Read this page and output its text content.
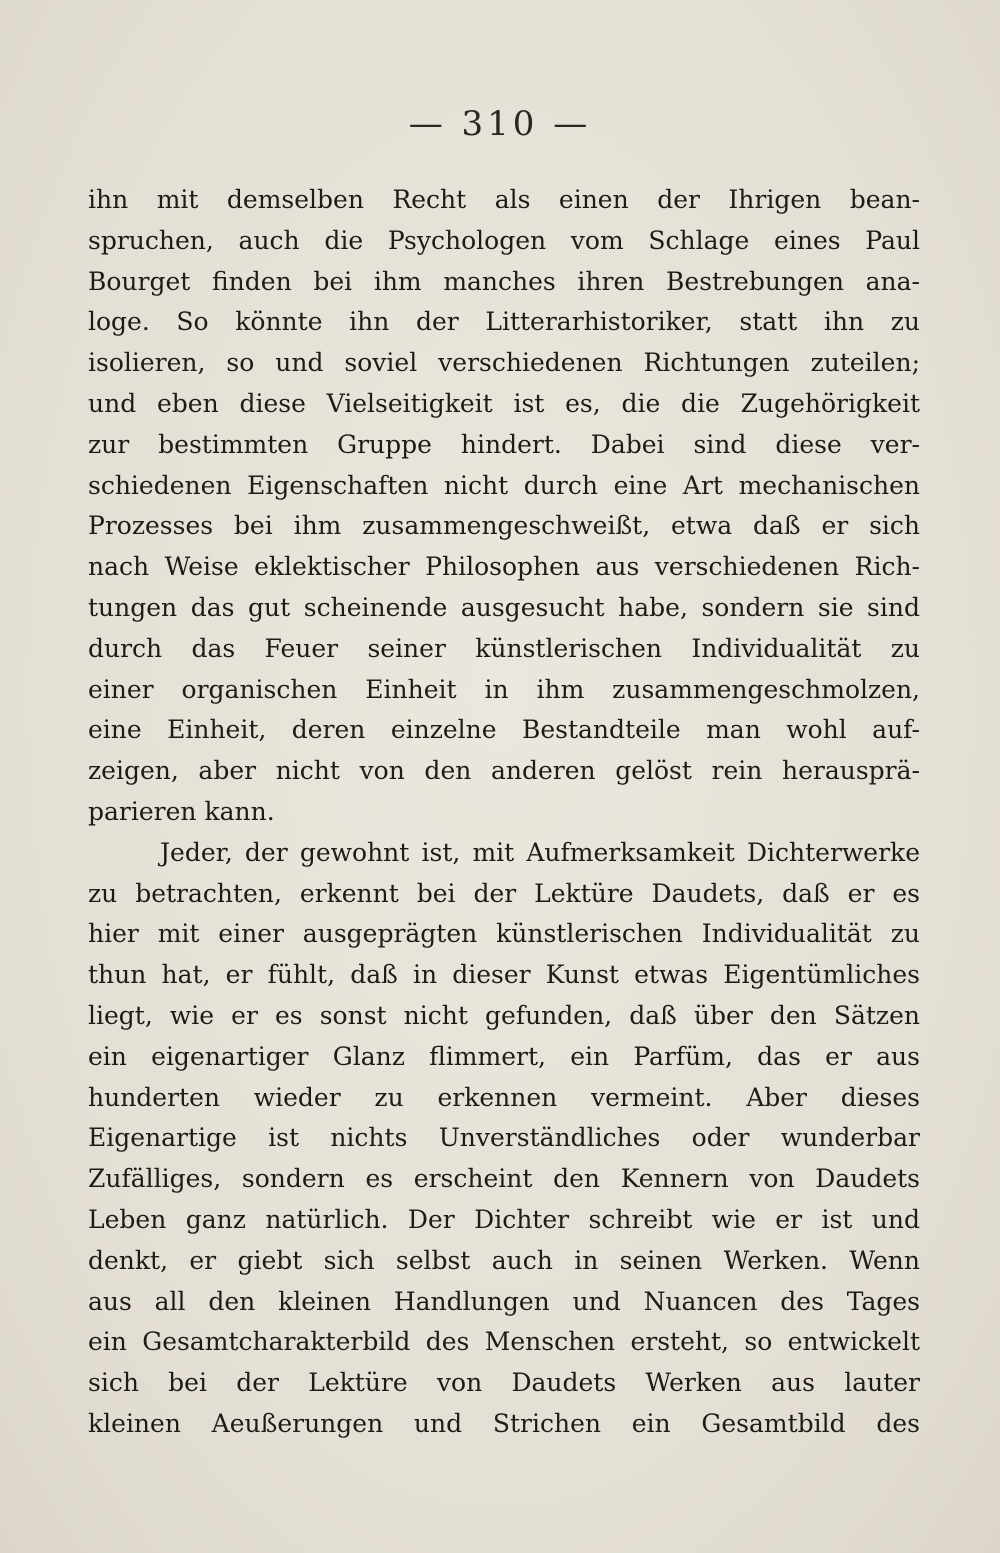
— 310 —
ihn mit demselben Recht als einen der Ihrigen bean-
spruchen, auch die Psychologen vom Schlage eines Paul
Bourget finden bei ihm manches ihren Bestrebungen ana-
loge. So könnte ihn der Litterarhistoriker, statt ihn zu
isolieren, so und soviel verschiedenen Richtungen zuteilen;
und eben diese Vielseitigkeit ist es, die die Zugehörigkeit
zur bestimmten Gruppe hindert. Dabei sind diese ver-
schiedenen Eigenschaften nicht durch eine Art mechanischen
Prozesses bei ihm zusammengeschweißt, etwa daß er sich
nach Weise eklektischer Philosophen aus verschiedenen Rich-
tungen das gut scheinende ausgesucht habe, sondern sie sind
durch das Feuer seiner künstlerischen Individualität zu
einer organischen Einheit in ihm zusammengeschmolzen,
eine Einheit, deren einzelne Bestandteile man wohl auf-
zeigen, aber nicht von den anderen gelöst rein herausprä-
parieren kann.
Jeder, der gewohnt ist, mit Aufmerksamkeit Dichterwerke
zu betrachten, erkennt bei der Lektüre Daudets, daß er es
hier mit einer ausgeprägten künstlerischen Individualität zu
thun hat, er fühlt, daß in dieser Kunst etwas Eigentümliches
liegt, wie er es sonst nicht gefunden, daß über den Sätzen
ein eigenartiger Glanz flimmert, ein Parfüm, das er aus
hunderten wieder zu erkennen vermeint. Aber dieses
Eigenartige ist nichts Unverständliches oder wunderbar
Zufälliges, sondern es erscheint den Kennern von Daudets
Leben ganz natürlich. Der Dichter schreibt wie er ist und
denkt, er giebt sich selbst auch in seinen Werken. Wenn
aus all den kleinen Handlungen und Nuancen des Tages
ein Gesamtcharakterbild des Menschen ersteht, so entwickelt
sich bei der Lektüre von Daudets Werken aus lauter
kleinen Aeußerungen und Strichen ein Gesamtbild des
